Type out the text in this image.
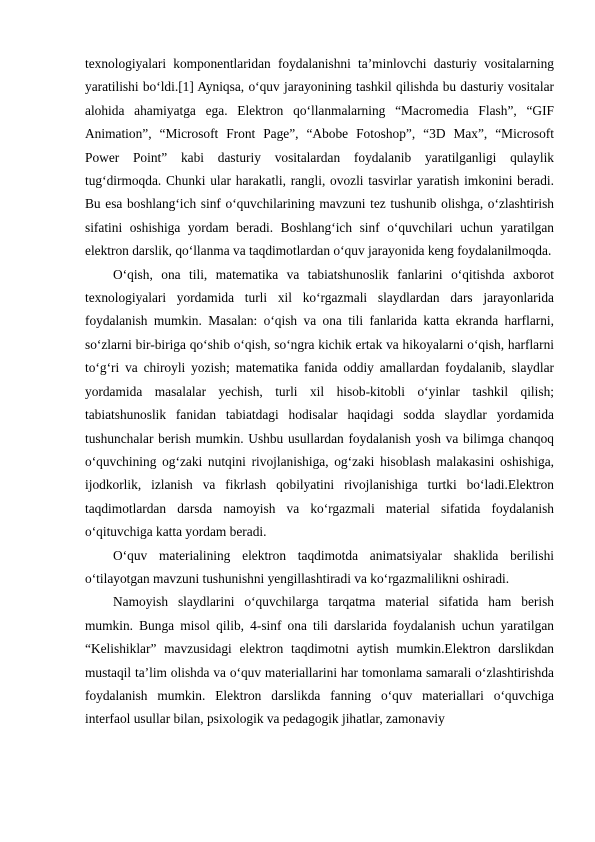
texnologiyalari komponentlaridan foydalanishni ta’minlovchi dasturiy vositalarning yaratilishi bo‘ldi.[1] Ayniqsa, o‘quv jarayonining tashkil qilishda bu dasturiy vositalar alohida ahamiyatga ega. Elektron qo‘llanmalarning “Macromedia Flash”, “GIF Animation”, “Microsoft Front Page”, “Abobe Fotoshop”, “3D Max”, “Microsoft Power Point” kabi dasturiy vositalardan foydalanib yaratilganligi qulaylik tug‘dirmoqda. Chunki ular harakatli, rangli, ovozli tasvirlar yaratish imkonini beradi. Bu esa boshlang‘ich sinf o‘quvchilarining mavzuni tez tushunib olishga, o‘zlashtirish sifatini oshishiga yordam beradi. Boshlang‘ich sinf o‘quvchilari uchun yaratilgan elektron darslik, qo‘llanma va taqdimotlardan o‘quv jarayonida keng foydalanilmoqda.

O‘qish, ona tili, matematika va tabiatshunoslik fanlarini o‘qitishda axborot texnologiyalari yordamida turli xil ko‘rgazmali slaydlardan dars jarayonlarida foydalanish mumkin. Masalan: o‘qish va ona tili fanlarida katta ekranda harflarni, so‘zlarni bir-biriga qo‘shib o‘qish, so‘ngra kichik ertak va hikoyalarni o‘qish, harflarni to‘g‘ri va chiroyli yozish; matematika fanida oddiy amallardan foydalanib, slaydlar yordamida masalalar yechish, turli xil hisob-kitobli o‘yinlar tashkil qilish; tabiatshunoslik fanidan tabiatdagi hodisalar haqidagi sodda slaydlar yordamida tushunchalar berish mumkin. Ushbu usullardan foydalanish yosh va bilimga chanqoq o‘quvchining og‘zaki nutqini rivojlanishiga, og‘zaki hisoblash malakasini oshishiga, ijodkorlik, izlanish va fikrlash qobilyatini rivojlanishiga turtki bo‘ladi.Elektron taqdimotlardan darsda namoyish va ko‘rgazmali material sifatida foydalanish o‘qituvchiga katta yordam beradi.

O‘quv materialining elektron taqdimotda animatsiyalar shaklida berilishi o‘tilayotgan mavzuni tushunishni yengillashtiradi va ko‘rgazmalilikni oshiradi.

Namoyish slaydlarini o‘quvchilarga tarqatma material sifatida ham berish mumkin. Bunga misol qilib, 4-sinf ona tili darslarida foydalanish uchun yaratilgan “Kelishiklar” mavzusidagi elektron taqdimotni aytish mumkin.Elektron darslikdan mustaqil ta’lim olishda va o‘quv materiallarini har tomonlama samarali o‘zlashtirishda foydalanish mumkin. Elektron darslikda fanning o‘quv materiallari o‘quvchiga interfaol usullar bilan, psixologik va pedagogik jihatlar, zamonaviy
